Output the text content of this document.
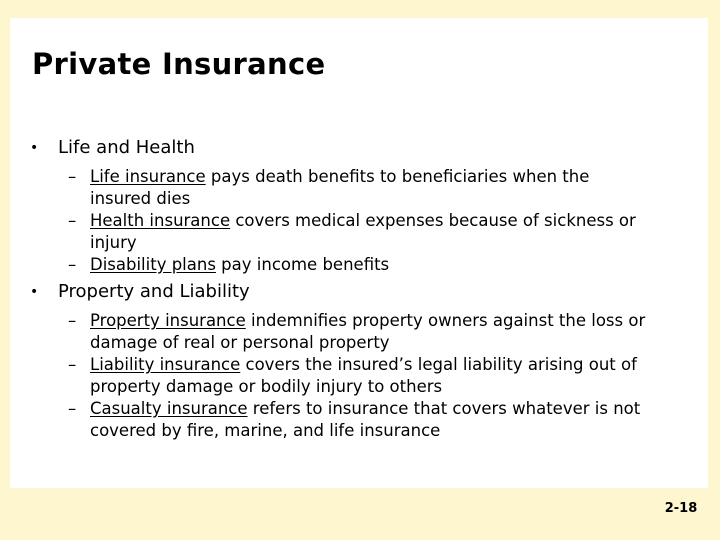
Private Insurance
• Life and Health
– Life insurance pays death benefits to beneficiaries when the insured dies
– Health insurance covers medical expenses because of sickness or injury
– Disability plans pay income benefits
• Property and Liability
– Property insurance indemnifies property owners against the loss or damage of real or personal property
– Liability insurance covers the insured’s legal liability arising out of property damage or bodily injury to others
– Casualty insurance refers to insurance that covers whatever is not covered by fire, marine, and life insurance
2-18
